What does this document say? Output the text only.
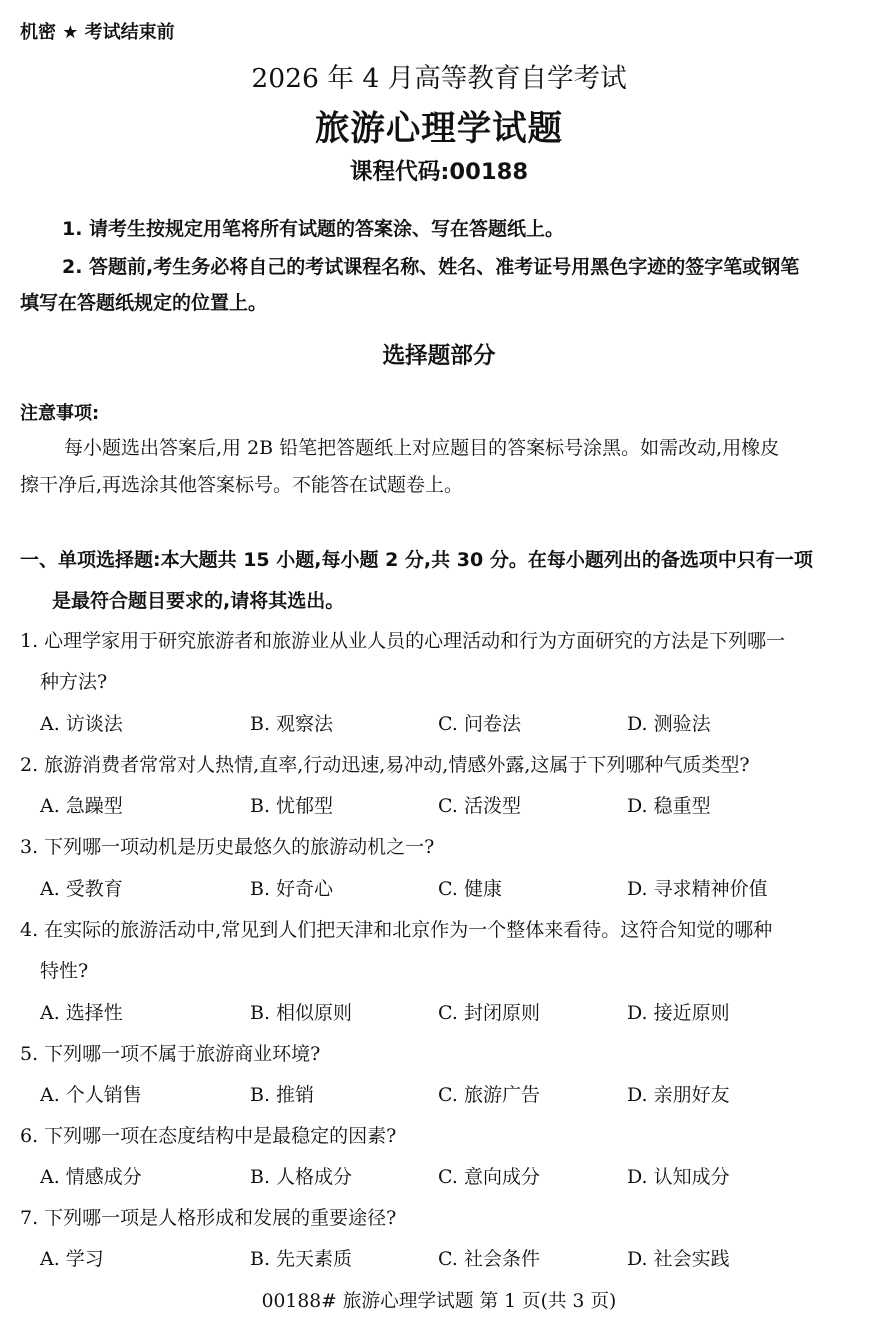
机密 ★ 考试结束前
2026 年 4 月高等教育自学考试
旅游心理学试题
课程代码:00188
1. 请考生按规定用笔将所有试题的答案涂、写在答题纸上。
2. 答题前,考生务必将自己的考试课程名称、姓名、准考证号用黑色字迹的签字笔或钢笔
填写在答题纸规定的位置上。
选择题部分
注意事项:
每小题选出答案后,用 2B 铅笔把答题纸上对应题目的答案标号涂黑。如需改动,用橡皮
擦干净后,再选涂其他答案标号。不能答在试题卷上。
一、单项选择题:本大题共 15 小题,每小题 2 分,共 30 分。在每小题列出的备选项中只有一项
是最符合题目要求的,请将其选出。
1. 心理学家用于研究旅游者和旅游业从业人员的心理活动和行为方面研究的方法是下列哪一
种方法?
A. 访谈法	B. 观察法	C. 问卷法	D. 测验法
2. 旅游消费者常常对人热情,直率,行动迅速,易冲动,情感外露,这属于下列哪种气质类型?
A. 急躁型	B. 忧郁型	C. 活泼型	D. 稳重型
3. 下列哪一项动机是历史最悠久的旅游动机之一?
A. 受教育	B. 好奇心	C. 健康	D. 寻求精神价值
4. 在实际的旅游活动中,常见到人们把天津和北京作为一个整体来看待。这符合知觉的哪种
特性?
A. 选择性	B. 相似原则	C. 封闭原则	D. 接近原则
5. 下列哪一项不属于旅游商业环境?
A. 个人销售	B. 推销	C. 旅游广告	D. 亲朋好友
6. 下列哪一项在态度结构中是最稳定的因素?
A. 情感成分	B. 人格成分	C. 意向成分	D. 认知成分
7. 下列哪一项是人格形成和发展的重要途径?
A. 学习	B. 先天素质	C. 社会条件	D. 社会实践
00188# 旅游心理学试题 第 1 页(共 3 页)
